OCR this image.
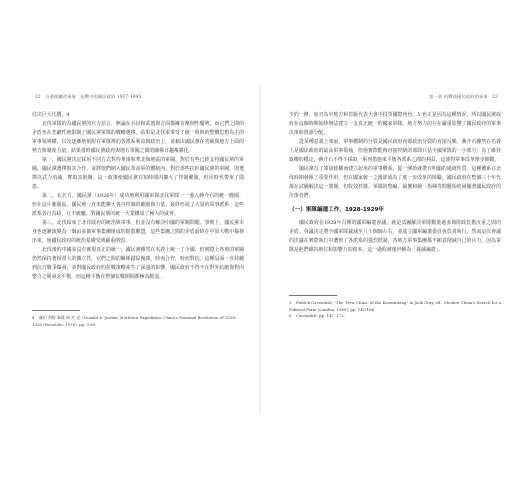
22 分道揚鑣的軍事：抗戰中的國民政府 1937-1945

付出巨大代價。4

北伐軍隊的為國民黨的官方語言，無論在兵員和武器與方面都擁有壓倒性優勢。而它們之間的矛盾也在悲劇性地限制了國民黨軍隊的戰略選擇，結果是北伐軍事受了統一與時的整體思想為主的軍事領導權，以及逐漸地依附在軍隊裡的各派系利益與政治上，並藉由國民黨在省級與地方上面的勢力與制度力量。結果當時國民黨政府與地方軍閥之間的關係日趨複雜化。

第一，國民黨決定採用不同方式對待華南和華北與地區的軍閥。對於有些已經支持國民黨的軍閥，國民黨選擇與其合作，並將他們納入國民革命軍的體制內。對於那些抗拒國民黨的軍閥，則選擇以武力消滅，奪取其地盤。這一政策使國民黨在短時間內擴大了控制範圍，但同時也帶來了隱患。

第二，在北方，國民黨（1926年）成功地利用國軍與北伐軍隊一一進入蔣介石的統一範圍，但在這片範圍區。國民黨一直未能擴大各自控制的範圍與力量。最終形成了大量的軍事派系，這些派系各自為政，互不統屬。對國民黨的統一大業構成了極大的威脅。

第三，北伐結束了北洋政府的統治與軍事，但並沒有解決中國的軍閥問題。事實上，國民黨本身也逐漸演變為一個由多個軍事集團組成的鬆散聯盟。這些集團之間的矛盾最終在中原大戰中爆發出來，使國民政府的統治基礎受到嚴重削弱。

北伐後的中國並沒有實現真正的統一。國民黨雖然在名義上統一了全國，但實際上各地的軍閥仍然保持著相當大的獨立性。它們之間的關係錯綜複雜，時而合作，時而對抗。這種局面一直持續到抗日戰爭爆發，並對國民政府的抗戰策略產生了深遠的影響。國民政府不得不在對外抗敵與對內整合之間尋求平衡，而這種平衡在整個抗戰期間都極為脆弱。

4 廣田 和野 軍隊 研 究 史 / Donald A. Jordan, Northern Expedition: China's National Revolution of 1926-1928 (Honolulu, 1976), pp. 3-65.

第一章 抗戰前國民政府的軍事 23

少的一條，而且為中地方和省級代表大會中投票國際角色。5 也正是因為這種情況，所以國民黨政府在這個時期始終無法建立一支真正統一的國家軍隊。地方勢力的存在嚴重影響了國民政府的軍事決策和資源分配。

從某種意義上來說，軍事體制的分裂是國民政府內部政治分裂的直接反映。蔣介石雖然在名義上是國民政府的最高軍事領袖，但他實際能夠直接控制的部隊只佔全國軍隊的一小部分。為了維持政權的穩定，蔣介石不得不採取一系列措施來平衡各派系之間的利益，這使得軍事改革舉步維艱。

國民黨為了鞏固政權而建立起來的軍事體系，從一開始就帶有明顯的過渡性質。這種體系在北伐時期發揮了重要作用，但在國家統一之後卻成為了進一步改革的障礙。國民政府在整個三十年代都在試圖解決這一問題，但收效甚微。軍隊的整編、裁撤和統一指揮等問題始終困擾著國民政府的決策者們。

（一）軍隊編遣工作，1928-1929年

國民政府在1928年召開的國軍編遣會議，就是試圖解決軍隊數量過多與財政負擔沉重之間的矛盾。會議決定將全國軍隊裁減至八十個師左右，並成立國軍編遣委員會負責執行。然而這次會議的決議在實際執行中遭到了各派系的強烈抵制，各地方軍事集團都不願意削減自己的兵力，因為軍隊是他們維持地位和影響力的根本。這一過程被後世稱為「裁減編遣」。

5 Patrick Cavendish, "The 'New China' of the Kuomintang" in Jack Gray, ed., Modern China's Search for a Political Form (London, 1969), pp. 141-164.

6 Cavendish, pp. 147, 172.
